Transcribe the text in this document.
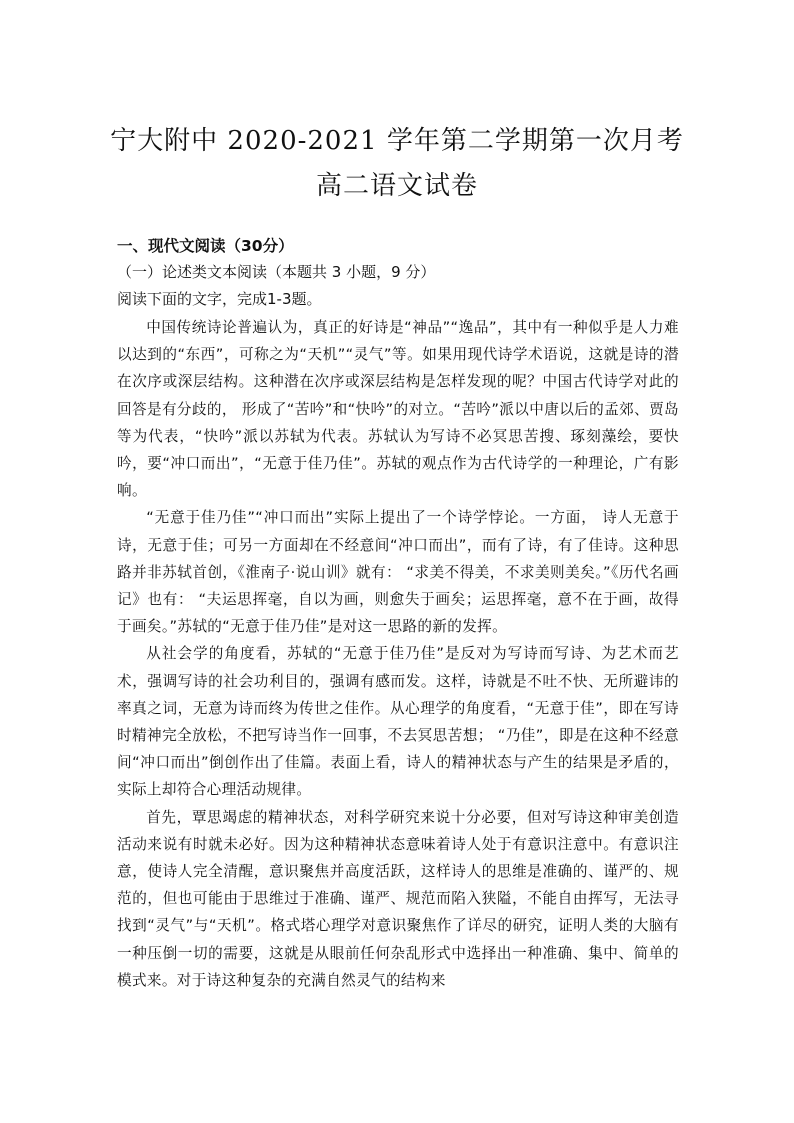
宁大附中 2020-2021 学年第二学期第一次月考
高二语文试卷
一、现代文阅读（30分）
（一）论述类文本阅读（本题共 3 小题，9 分）
阅读下面的文字，完成1-3题。

中国传统诗论普遍认为，真正的好诗是“神品”“逸品”，其中有一种似乎是人力难以达到的“东西”，可称之为“天机”“灵气”等。如果用现代诗学术语说，这就是诗的潜在次序或深层结构。这种潜在次序或深层结构是怎样发现的呢？中国古代诗学对此的回答是有分歧的， 形成了“苦吟”和“快吟”的对立。“苦吟”派以中唐以后的孟郊、贾岛等为代表，“快吟”派以苏轼为代表。苏轼认为写诗不必冥思苦搜、琢刻藻绘，要快吟，要“冲口而出”，“无意于佳乃佳”。苏轼的观点作为古代诗学的一种理论，广有影响。

“无意于佳乃佳”“冲口而出”实际上提出了一个诗学悖论。一方面， 诗人无意于诗，无意于佳；可另一方面却在不经意间“冲口而出”，而有了诗，有了佳诗。这种思路并非苏轼首创，《淮南子·说山训》就有： “求美不得美，不求美则美矣。”《历代名画记》也有： “夫运思挥毫，自以为画，则愈失于画矣；运思挥毫，意不在于画，故得于画矣。”苏轼的“无意于佳乃佳”是对这一思路的新的发挥。

从社会学的角度看，苏轼的“无意于佳乃佳”是反对为写诗而写诗、为艺术而艺术，强调写诗的社会功利目的，强调有感而发。这样，诗就是不吐不快、无所避讳的率真之词，无意为诗而终为传世之佳作。从心理学的角度看，“无意于佳”，即在写诗时精神完全放松，不把写诗当作一回事，不去冥思苦想； “乃佳”，即是在这种不经意间“冲口而出”倒创作出了佳篇。表面上看，诗人的精神状态与产生的结果是矛盾的，实际上却符合心理活动规律。

首先，覃思竭虑的精神状态，对科学研究来说十分必要，但对写诗这种审美创造活动来说有时就未必好。因为这种精神状态意味着诗人处于有意识注意中。有意识注意，使诗人完全清醒，意识聚焦并高度活跃，这样诗人的思维是准确的、谨严的、规范的，但也可能由于思维过于准确、谨严、规范而陷入狭隘，不能自由挥写，无法寻找到“灵气”与“天机”。格式塔心理学对意识聚焦作了详尽的研究，证明人类的大脑有一种压倒一切的需要，这就是从眼前任何杂乱形式中选择出一种准确、集中、简单的模式来。对于诗这种复杂的充满自然灵气的结构来
